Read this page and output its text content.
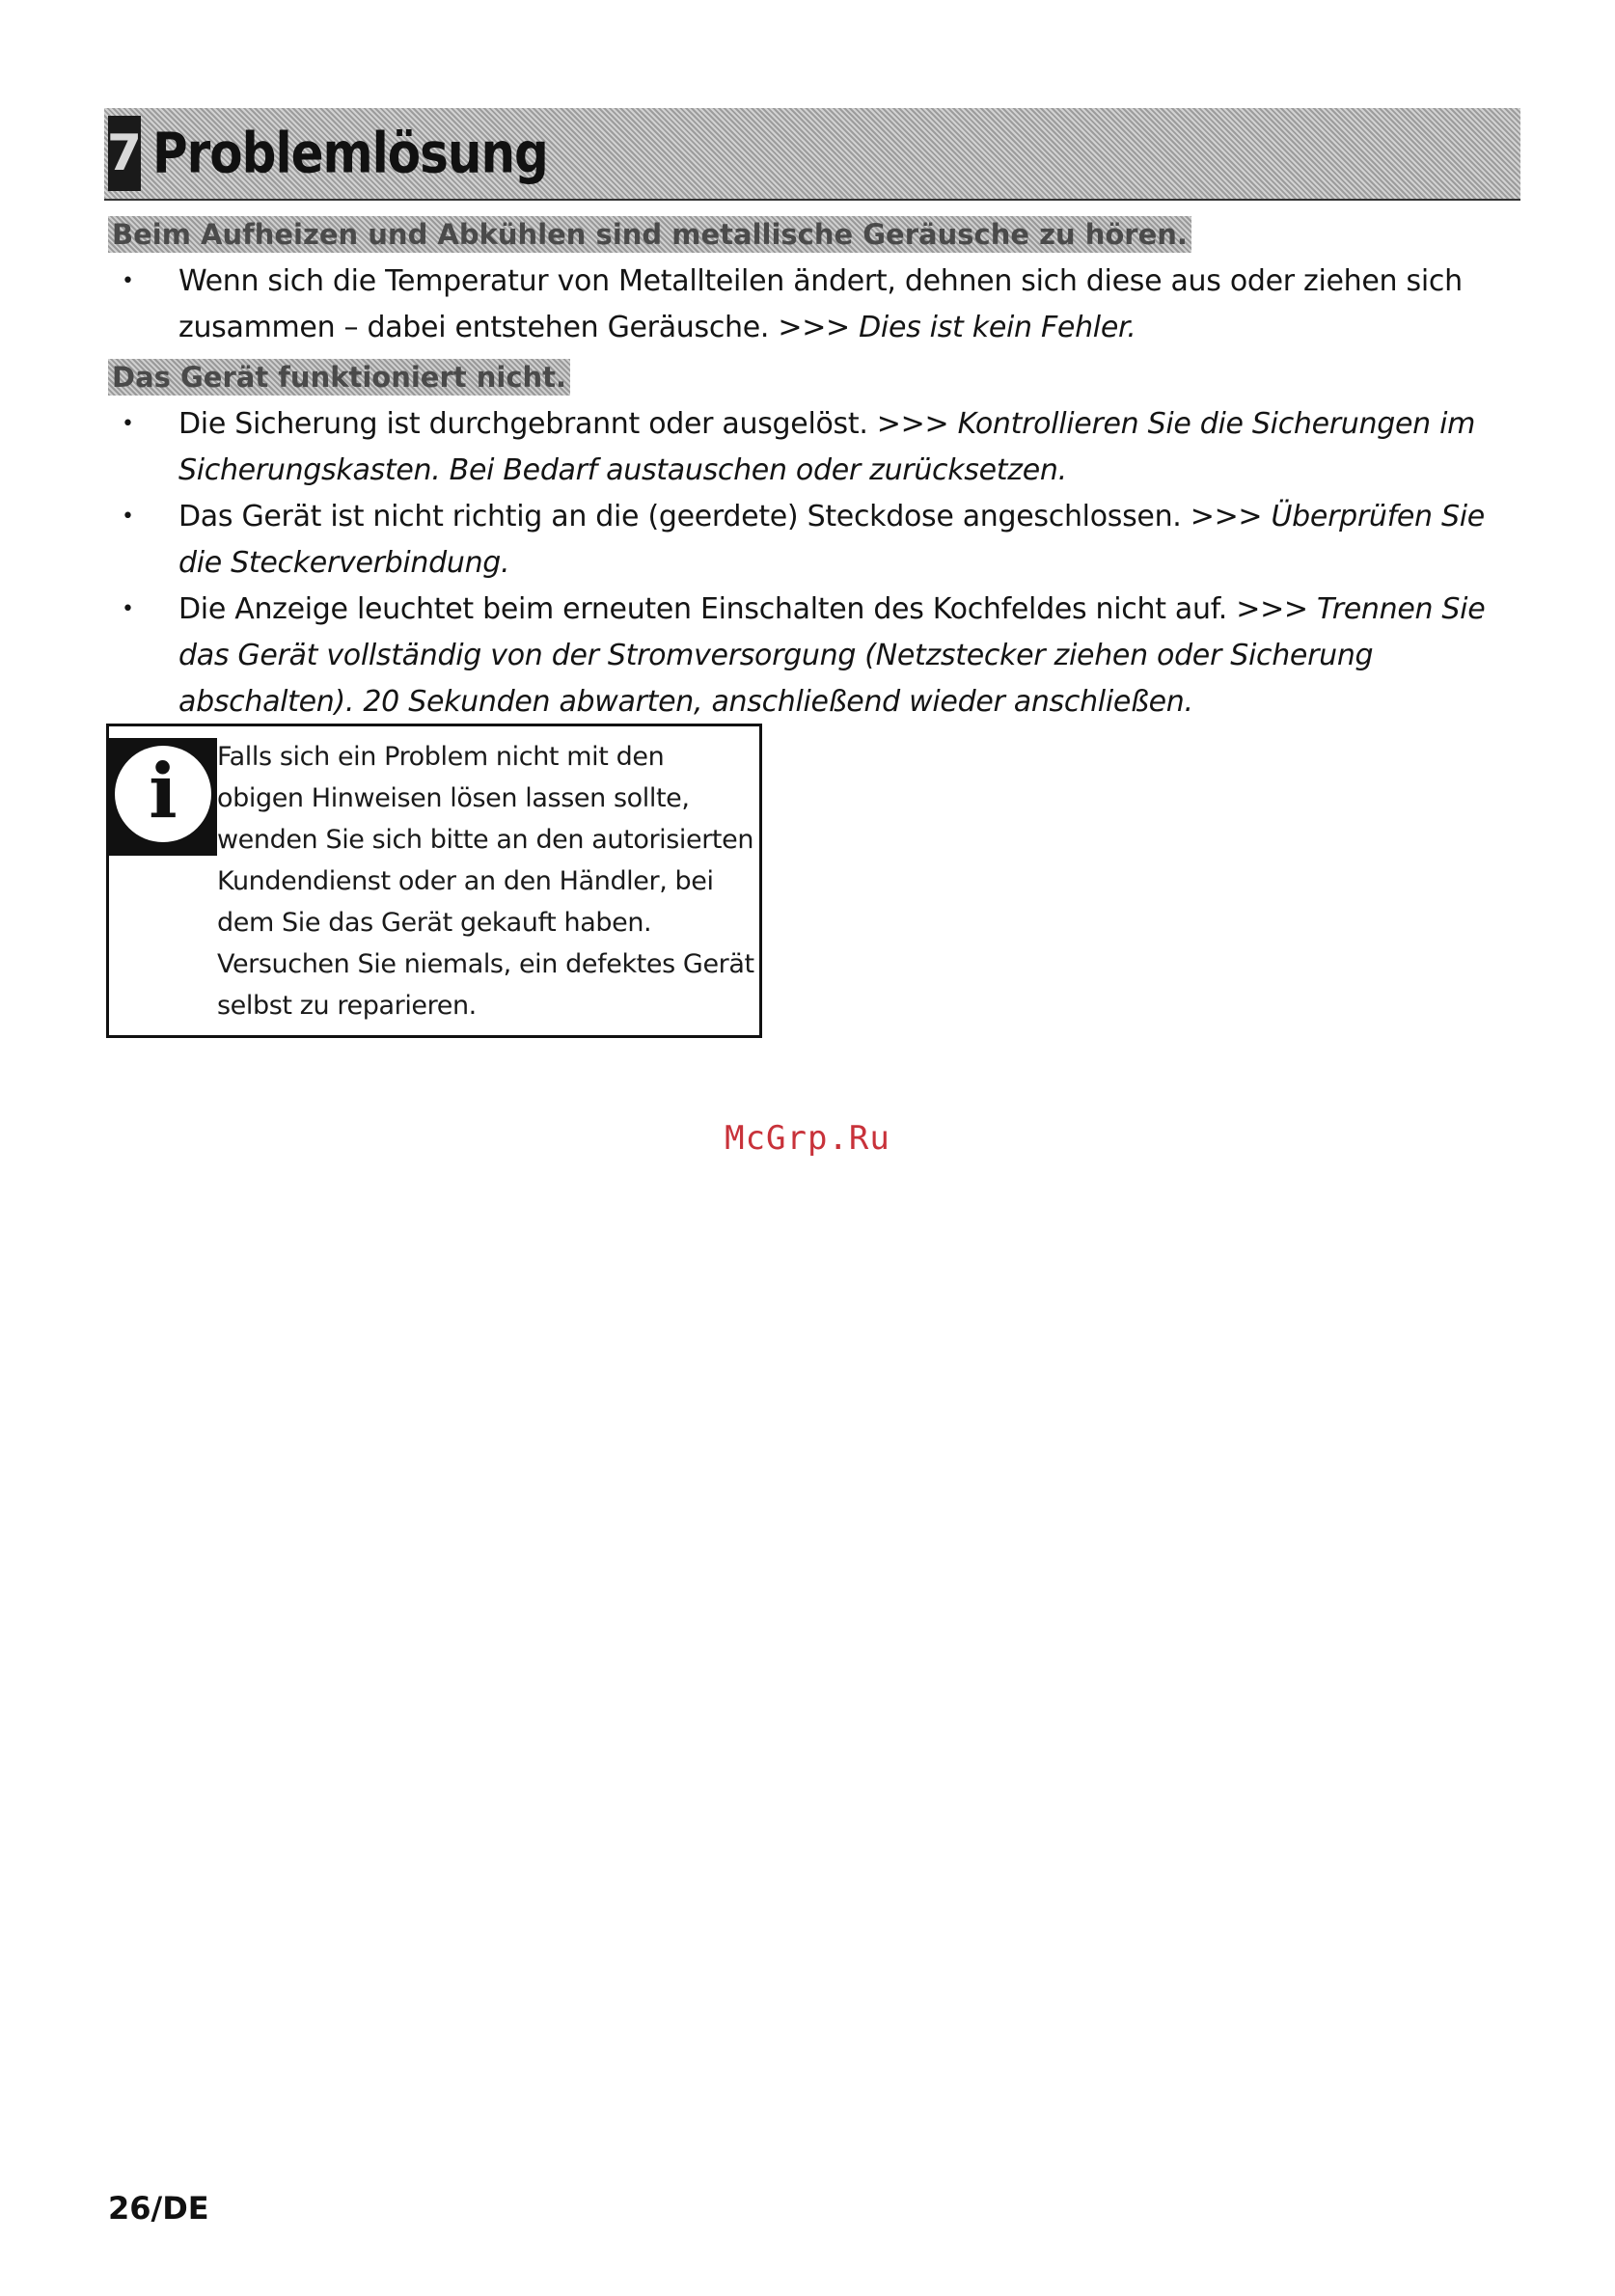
7 Problemlösung
Beim Aufheizen und Abkühlen sind metallische Geräusche zu hören.
•	Wenn sich die Temperatur von Metallteilen ändert, dehnen sich diese aus oder ziehen sich zusammen – dabei entstehen Geräusche. >>> Dies ist kein Fehler.
Das Gerät funktioniert nicht.
•	Die Sicherung ist durchgebrannt oder ausgelöst. >>> Kontrollieren Sie die Sicherungen im Sicherungskasten. Bei Bedarf austauschen oder zurücksetzen.
•	Das Gerät ist nicht richtig an die (geerdete) Steckdose angeschlossen. >>> Überprüfen Sie die Steckerverbindung.
•	Die Anzeige leuchtet beim erneuten Einschalten des Kochfeldes nicht auf. >>> Trennen Sie das Gerät vollständig von der Stromversorgung (Netzstecker ziehen oder Sicherung abschalten). 20 Sekunden abwarten, anschließend wieder anschließen.
i Falls sich ein Problem nicht mit den obigen Hinweisen lösen lassen sollte, wenden Sie sich bitte an den autorisierten Kundendienst oder an den Händler, bei dem Sie das Gerät gekauft haben. Versuchen Sie niemals, ein defektes Gerät selbst zu reparieren.
McGrp.Ru
26/DE
